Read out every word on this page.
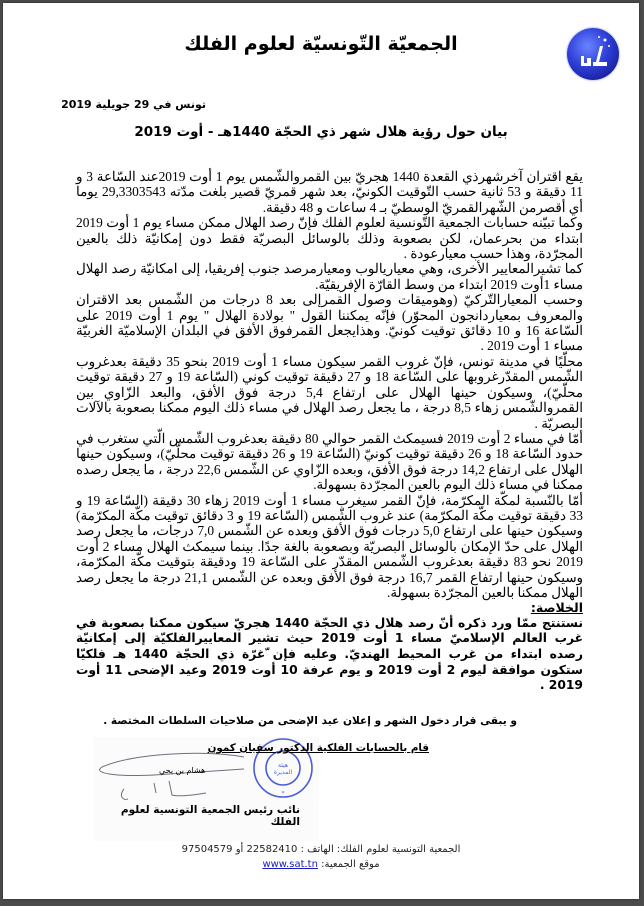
الجمعيّة التّونسيّة لعلوم الفلك
تونس في 29 جويلية 2019
بيان حول رؤية هلال شهر ذي الحجّة 1440هـ - أوت 2019

يقع اقتران آخرشهرذي القعدة 1440 هجريّ بين القمروالشّمس يوم 1 أوت 2019عند السّاعة 3 و 11 دقيقة و 53 ثانية حسب التّوقيت الكونيّ، بعد شهر قمريّ قصير بلغت مدّته 29,3303543 يوما أي أقصرمن الشّهرالقمريّ الوسطيّ بـ 4 ساعات و 48 دقيقة.

وكما تبيّنه حسابات الجمعية التّونسية لعلوم الفلك فإنّ رصد الهلال ممكن مساء يوم 1 أوت 2019 ابتداء من بحرعمان، لكن بصعوبة وذلك بالوسائل البصريّة فقط دون إمكانيّة ذلك بالعين المجرّدة، وهذا حسب معيارعودة .

كما تشيرالمعايير الأخرى، وهي معياريالوب ومعيارمرصد جنوب إفريقيا، إلى امكانيّة رصد الهلال مساء 1أوت 2019 ابتداء من وسط القارّة الإفريقيّة.

وحسب المعيارالتّركيّ (وهوميقات وصول القمرإلى بعد 8 درجات من الشّمس بعد الاقتران والمعروف بمعياردانجون المحوّر) فإنّه يمكننا القول " بولادة الهلال " يوم 1 أوت 2019 على السّاعة 16 و 10 دقائق توقيت كونيّ. وهذايجعل القمرفوق الأفق في البلدان الإسلاميّة الغربيّة مساء 1 أوت 2019 .

محلّيًا في مدينة تونس، فإنّ غروب القمر سيكون مساء 1 أوت 2019 بنحو 35 دقيقة بعدغروب الشّمس المقدّرغروبها على السّاعة 18 و 27 دقيقة توقيت كوني (السّاعة 19 و 27 دقيقة توقيت محلّيّ)، وسيكون حينها الهلال على ارتفاع 5,4 درجة فوق الأفق، والبعد الزّاوي بين القمروالشّمس زهاء 8,5 درجة ، ما يجعل رصد الهلال في مساء ذلك اليوم ممكنا بصعوبة بالآلات البصريّة .

أمّا في مساء 2 أوت 2019 فسيمكث القمر حوالي 80 دقيقة بعدغروب الشّمس الّتي ستغرب في حدود السّاعة 18 و 26 دقيقة توقيت كونيّ (السّاعة 19 و 26 دقيقة توقيت محلّيّ)، وسيكون حينها الهلال على ارتفاع 14,2 درجة فوق الأفق، وبعده الزّاوي عن الشّمس 22,6 درجة ، ما يجعل رصده ممكنا في مساء ذلك اليوم بالعين المجرّدة بسهولة.

أمّا بالنّسبة لمكّة المكرّمة، فإنّ القمر سيغرب مساء 1 أوت 2019 زهاء 30 دقيقة (السّاعة 19 و 33 دقيقة توقيت مكّة المكرّمة) عند غروب الشّمس (السّاعة 19 و 3 دقائق توقيت مكّة المكرّمة) وسيكون حينها على ارتفاع 5,0 درجات فوق الأفق وبعده عن الشّمس 7,0 درجات، ما يجعل رصد الهلال على حدّ الإمكان بالوسائل البصريّة وبصعوبة بالغة جدًا. بينما سيمكث الهلال مساء 2 أوت 2019 نحو 83 دقيقة بعدغروب الشّمس المقدّر على السّاعة 19 ودقيقة بتوقيت مكّة المكرّمة، وسيكون حينها ارتفاع القمر 16,7 درجة فوق الأفق وبعده عن الشّمس 21,1 درجة ما يجعل رصد الهلال ممكنا بالعين المجرّدة بسهولة.

الخلاصة:

نستنتج ممّا ورد ذكره أنّ رصد هلال ذي الحجّة 1440 هجريّ سيكون ممكنا بصعوبة في غرب العالم الإسلاميّ مساء 1 أوت 2019 حيث تشير المعاييرالفلكيّة إلى إمكانيّة رصده ابتداء من غرب المحيط الهنديّ. وعليه فإن ّغرّة ذي الحجّة 1440 هـ فلكيّا ستكون موافقة ليوم 2 أوت 2019 و يوم عرفة 10 أوت 2019 وعيد الإضحى 11 أوت 2019 .

و يبقى قرار دخول الشهر و إعلان عيد الإضحى من صلاحيات السلطات المختصة .
هيئة
المديرة
*
هشام بن يحي
قام بالحسابات الفلكية الدكتور سفيان كمون
نائب رئيس الجمعية التونسية لعلوم الفلك
الجمعية التونسية لعلوم الفلك: الهاتف : 22582410 أو 97504579
موقع الجمعية: www.sat.tn
